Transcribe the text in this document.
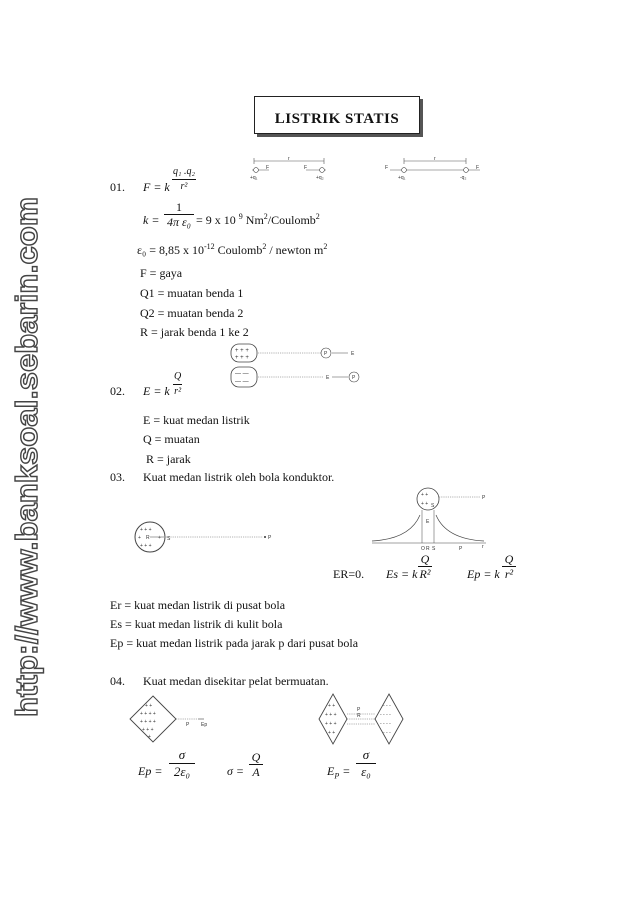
http://www.banksoal.sebarin.com
LISTRIK STATIS
01. F = k $\frac{\text{q₁ .q₂}}{\text{r²}}$
r
F	F
+q₁	+q₂
r
F	F
+q₁	-q₂
$k = \frac{1}{\text{4π ε₀}} = 9$ x 10 $^9$ Nm$^2$/Coulomb$^2$
ε₀ = 8,85 x $10^{-12}$ Coulomb$^2$ / newton $m^2$
F = gaya
Q1 = muatan benda 1
Q2 = muatan benda 2
R = jarak benda 1 ke 2
+ + +
+ + +
P	E
— —
— —
E	P
02. E = k $\frac{Q}{\text{r²}}$
E = kuat medan listrik
Q = muatan
R = jarak
03. Kuat medan listrik oleh bola konduktor.
+ + +
+	+
+ + +
R	S	P
+ +
+ +
P
S
E
O R S	P	r
ER=0. Es = k $\frac{Q}{\text{R²}}$	Ep = k $\frac{Q}{\text{r²}}$
Er = kuat medan listrik di pusat bola
Es = kuat medan listrik di kulit bola
Ep = kuat medan listrik pada jarak p dari pusat bola
04. Kuat medan disekitar pelat bermuatan.
+ +
+ + + +
+ + + +
+ + +
+
P Ep
+ +
+ + +
+ + +
+ +
- - -
- - - -
- - - -
- - -
P
R
$Ep = \frac{\sigma}{\text{2ε₀}}$	$\sigma = \frac{Q}{A}$	$E_P = \frac{\sigma}{\text{ε₀}}$
